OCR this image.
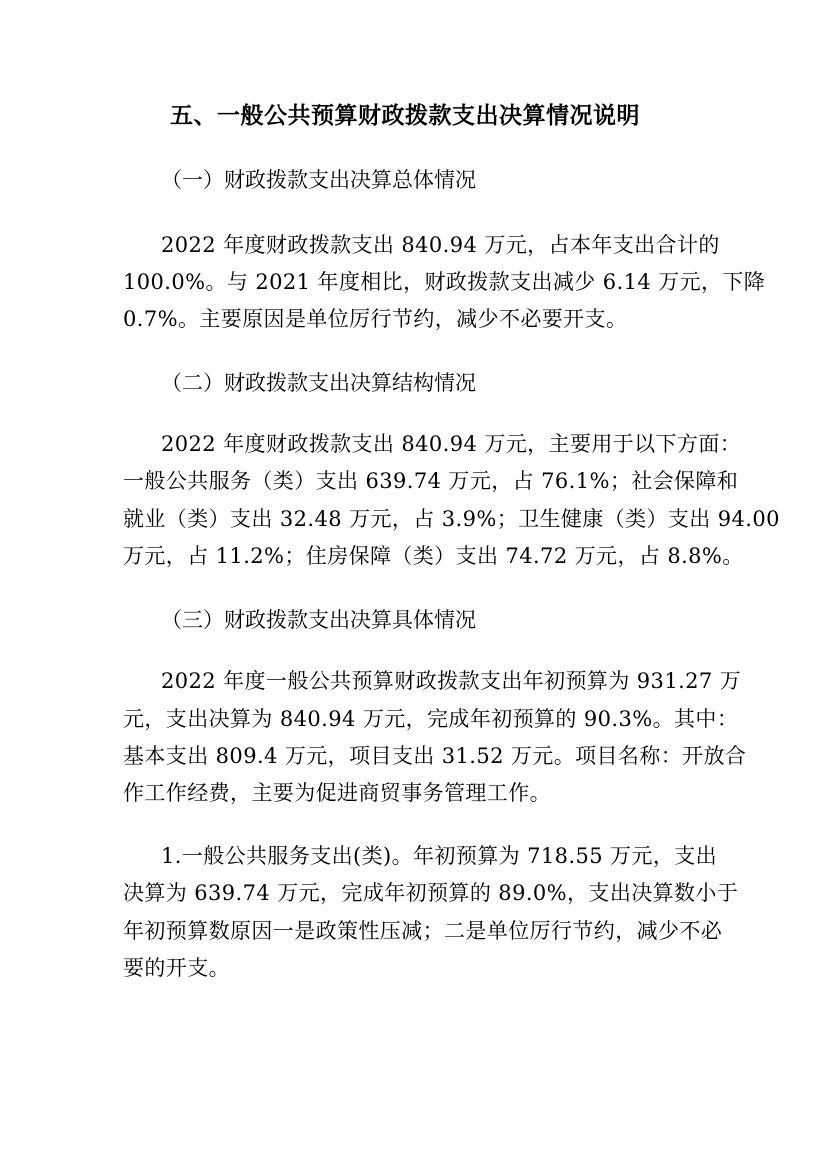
五、一般公共预算财政拨款支出决算情况说明
（一）财政拨款支出决算总体情况
2022 年度财政拨款支出 840.94 万元，占本年支出合计的
100.0%。与 2021 年度相比，财政拨款支出减少 6.14 万元，下降
0.7%。主要原因是单位厉行节约，减少不必要开支。
（二）财政拨款支出决算结构情况
2022 年度财政拨款支出 840.94 万元，主要用于以下方面：
一般公共服务（类）支出 639.74 万元，占 76.1%；社会保障和
就业（类）支出 32.48 万元，占 3.9%；卫生健康（类）支出 94.00
万元，占 11.2%；住房保障（类）支出 74.72 万元，占 8.8%。
（三）财政拨款支出决算具体情况
2022 年度一般公共预算财政拨款支出年初预算为 931.27 万
元，支出决算为 840.94 万元，完成年初预算的 90.3%。其中：
基本支出 809.4 万元，项目支出 31.52 万元。项目名称：开放合
作工作经费，主要为促进商贸事务管理工作。
1.一般公共服务支出(类)。年初预算为 718.55 万元，支出
决算为 639.74 万元，完成年初预算的 89.0%，支出决算数小于
年初预算数原因一是政策性压减；二是单位厉行节约，减少不必
要的开支。
